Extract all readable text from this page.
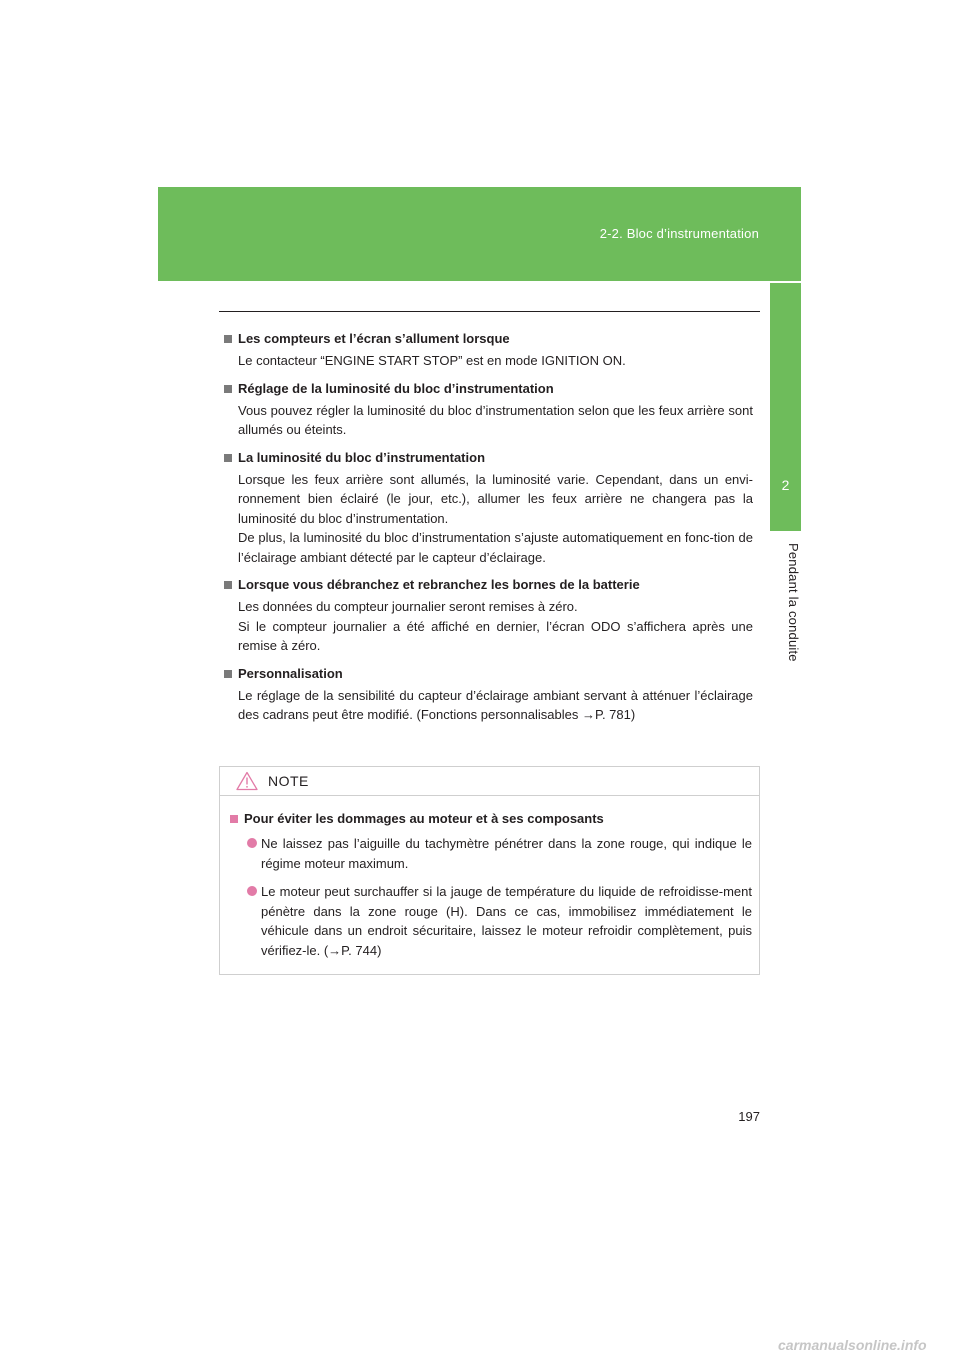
2-2. Bloc d’instrumentation
2
Pendant la conduite
Les compteurs et l’écran s’allument lorsque

Le contacteur “ENGINE START STOP” est en mode IGNITION ON.

Réglage de la luminosité du bloc d’instrumentation

Vous pouvez régler la luminosité du bloc d’instrumentation selon que les feux arrière sont allumés ou éteints.

La luminosité du bloc d’instrumentation

Lorsque les feux arrière sont allumés, la luminosité varie. Cependant, dans un envi-ronnement bien éclairé (le jour, etc.), allumer les feux arrière ne changera pas la luminosité du bloc d’instrumentation.

De plus, la luminosité du bloc d’instrumentation s’ajuste automatiquement en fonc-tion de l’éclairage ambiant détecté par le capteur d’éclairage.

Lorsque vous débranchez et rebranchez les bornes de la batterie

Les données du compteur journalier seront remises à zéro.

Si le compteur journalier a été affiché en dernier, l’écran ODO s’affichera après une remise à zéro.

Personnalisation

Le réglage de la sensibilité du capteur d’éclairage ambiant servant à atténuer l’éclairage des cadrans peut être modifié. (Fonctions personnalisables →P. 781)

NOTE
Pour éviter les dommages au moteur et à ses composants
Ne laissez pas l’aiguille du tachymètre pénétrer dans la zone rouge, qui indique le régime moteur maximum.
Le moteur peut surchauffer si la jauge de température du liquide de refroidisse-ment pénètre dans la zone rouge (H). Dans ce cas, immobilisez immédiatement le véhicule dans un endroit sécuritaire, laissez le moteur refroidir complètement, puis vérifiez-le. (→P. 744)
197
carmanualsonline.info
